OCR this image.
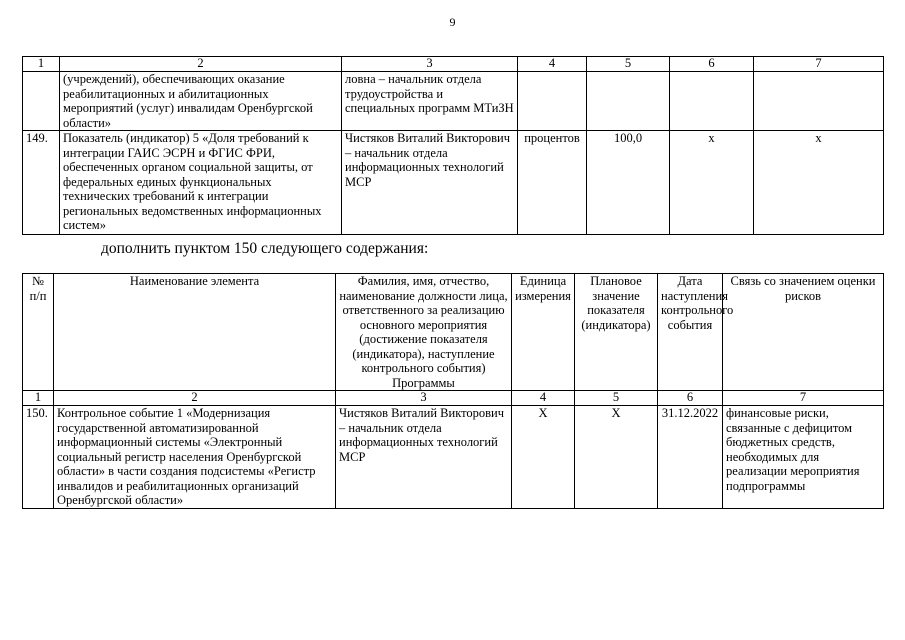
9
1	2	3	4	5	6	7
	(учреждений), обеспечивающих оказание реабилитационных и абилитационных мероприятий (услуг) инвалидам Оренбургской области»	ловна – начальник отдела трудоустройства и специальных программ МТиЗН				
149.	Показатель (индикатор) 5 «Доля требований к интеграции ГАИС ЭСРН и ФГИС ФРИ, обеспеченных органом социальной защиты, от федеральных единых функциональных технических требований к интеграции региональных ведомственных информационных систем»	Чистяков Виталий Викторович – начальник отдела информационных технологий МСР	процентов	100,0	х	х
дополнить пунктом 150 следующего содержания:
№ п/п	Наименование элемента	Фамилия, имя, отчество, наименование должности лица, ответственного за реализацию основного мероприятия (достижение показателя (индикатора), наступление контрольного события) Программы	Единица измерения	Плановое значение показателя (индикатора)	Дата наступления контрольного события	Связь со значением оценки рисков
1	2	3	4	5	6	7
150.	Контрольное событие 1 «Модернизация государственной автоматизированной информационный системы «Электронный социальный регистр населения Оренбургской области» в части создания подсистемы «Регистр инвалидов и реабилитационных организаций Оренбургской области»	Чистяков Виталий Викторович – начальник отдела информационных технологий МСР	Х	Х	31.12.2022	финансовые риски, связанные с дефицитом бюджетных средств, необходимых для реализации мероприятия подпрограммы
